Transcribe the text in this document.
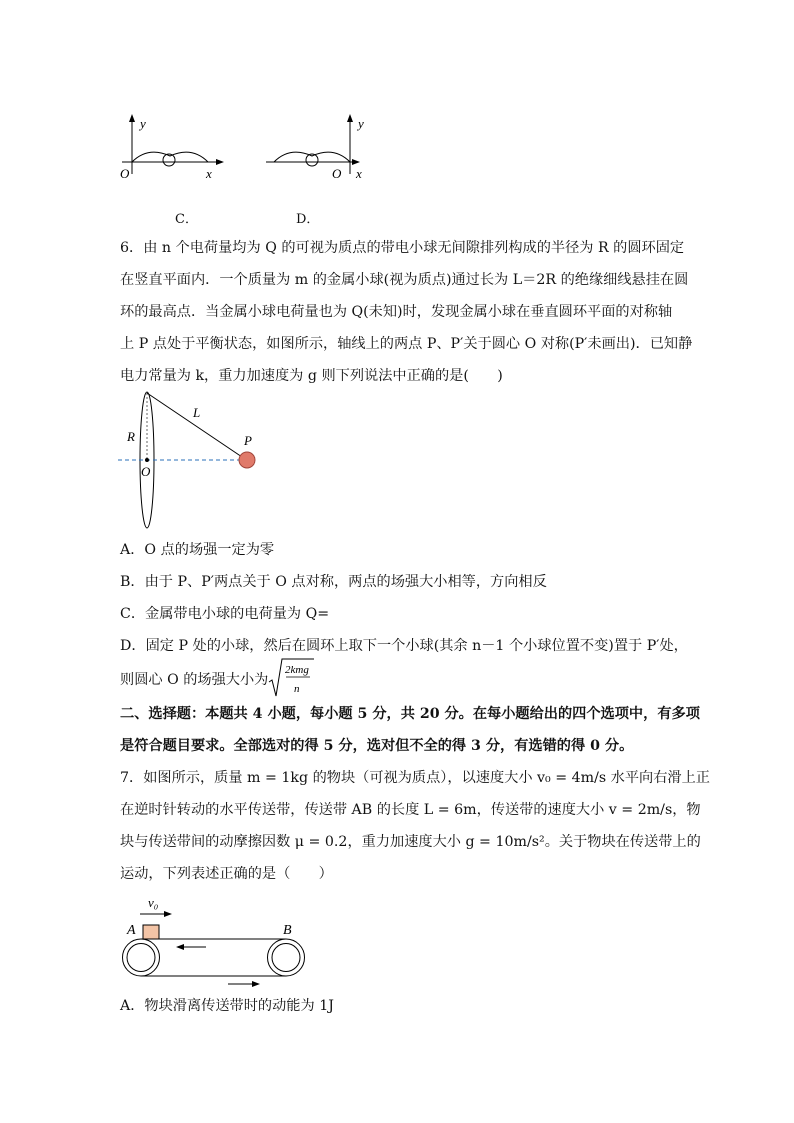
y
O	x
y
O x
C．	D．
6．由 n 个电荷量均为 Q 的可视为质点的带电小球无间隙排列构成的半径为 R 的圆环固定
在竖直平面内．一个质量为 m 的金属小球(视为质点)通过长为 L＝2R 的绝缘细线悬挂在圆
环的最高点．当金属小球电荷量也为 Q(未知)时，发现金属小球在垂直圆环平面的对称轴
上 P 点处于平衡状态，如图所示，轴线上的两点 P、P′关于圆心 O 对称(P′未画出)．已知静
电力常量为 k，重力加速度为 g 则下列说法中正确的是(　　)
R
O
L
P
A．O 点的场强一定为零
B．由于 P、P′两点关于 O 点对称，两点的场强大小相等，方向相反
C．金属带电小球的电荷量为 Q=
D．固定 P 处的小球，然后在圆环上取下一个小球(其余 n－1 个小球位置不变)置于 P′处，
则圆心 O 的场强大小为
2kmg
n
二、选择题：本题共 4 小题，每小题 5 分，共 20 分。在每小题给出的四个选项中，有多项
是符合题目要求。全部选对的得 5 分，选对但不全的得 3 分，有选错的得 0 分。
7．如图所示，质量 m = 1kg 的物块（可视为质点），以速度大小 v₀ = 4m/s 水平向右滑上正
在逆时针转动的水平传送带，传送带 AB 的长度 L = 6m，传送带的速度大小 v = 2m/s，物
块与传送带间的动摩擦因数 μ = 0.2，重力加速度大小 g = 10m/s²。关于物块在传送带上的
运动，下列表述正确的是（　　）
v₀
A	B
A．物块滑离传送带时的动能为 1J
